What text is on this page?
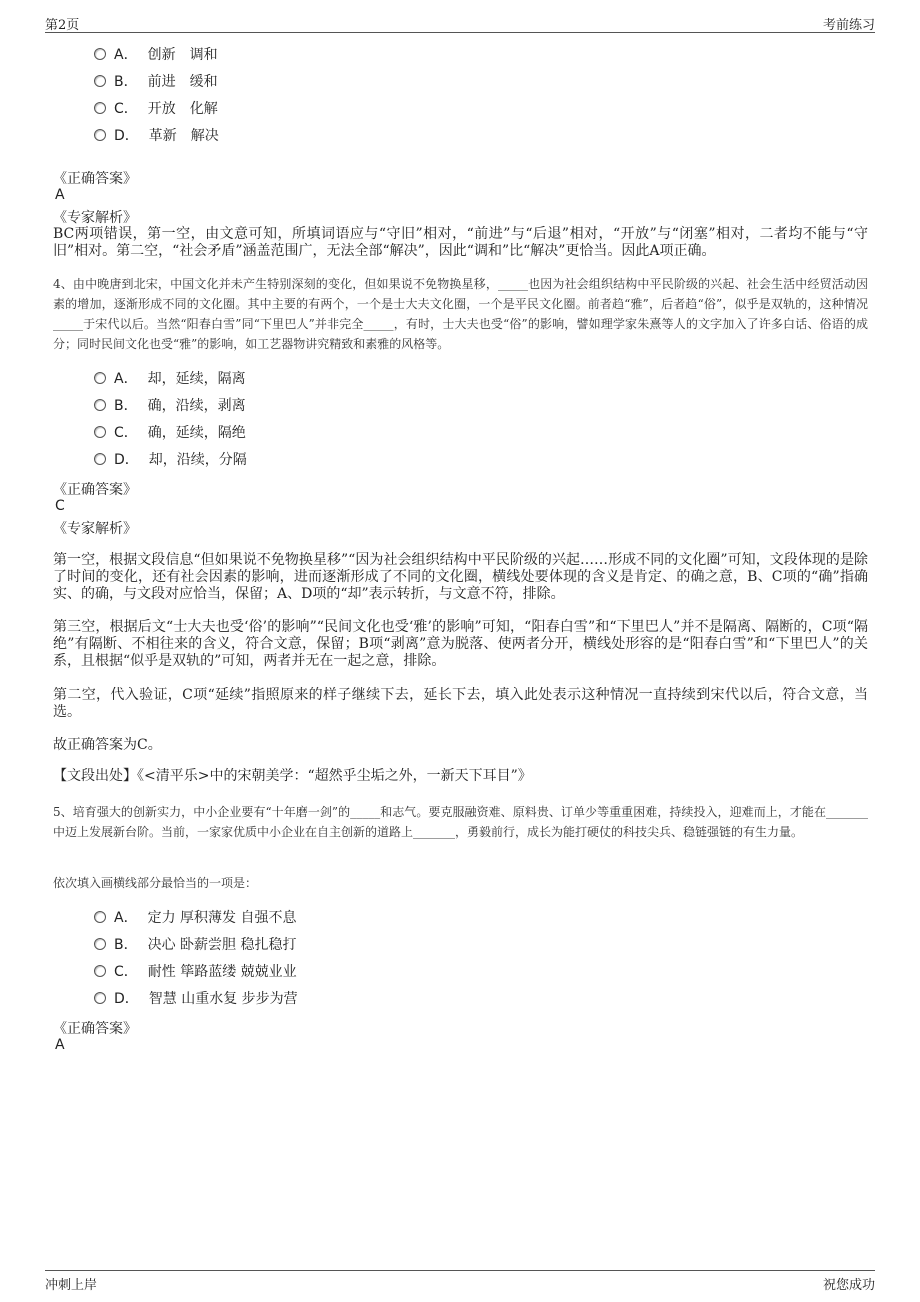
第2页	考前练习
A． 创新　调和
B． 前进　缓和
C． 开放　化解
D． 革新　解决
《正确答案》
A
《专家解析》
BC两项错误，第一空，由文意可知，所填词语应与“守旧”相对，“前进”与“后退”相对，“开放”与“闭塞”相对，二者均不能与“守旧”相对。第二空，“社会矛盾”涵盖范围广，无法全部“解决”，因此“调和”比“解决”更恰当。因此A项正确。
4、由中晚唐到北宋，中国文化并未产生特别深刻的变化，但如果说不免物换星移，_____也因为社会组织结构中平民阶级的兴起、社会生活中经贸活动因素的增加，逐渐形成不同的文化圈。其中主要的有两个，一个是士大夫文化圈，一个是平民文化圈。前者趋“雅”，后者趋“俗”，似乎是双轨的，这种情况_____于宋代以后。当然“阳春白雪”同“下里巴人”并非完全_____，有时，士大夫也受“俗”的影响，譬如理学家朱熹等人的文字加入了许多白话、俗语的成分；同时民间文化也受“雅”的影响，如工艺器物讲究精致和素雅的风格等。
A． 却，延续，隔离
B． 确，沿续，剥离
C． 确，延续，隔绝
D． 却，沿续，分隔
《正确答案》
C
《专家解析》
第一空，根据文段信息“但如果说不免物换星移”“因为社会组织结构中平民阶级的兴起……形成不同的文化圈”可知，文段体现的是除了时间的变化，还有社会因素的影响，进而逐渐形成了不同的文化圈，横线处要体现的含义是肯定、的确之意，B、C项的“确”指确实、的确，与文段对应恰当，保留；A、D项的“却”表示转折，与文意不符，排除。
第三空，根据后文“士大夫也受‘俗’的影响”“民间文化也受‘雅’的影响”可知，“阳春白雪”和“下里巴人”并不是隔离、隔断的，C项“隔绝”有隔断、不相往来的含义，符合文意，保留；B项“剥离”意为脱落、使两者分开，横线处形容的是“阳春白雪”和“下里巴人”的关系，且根据“似乎是双轨的”可知，两者并无在一起之意，排除。
第二空，代入验证，C项“延续”指照原来的样子继续下去，延长下去，填入此处表示这种情况一直持续到宋代以后，符合文意，当选。
故正确答案为C。
【文段出处】《<清平乐>中的宋朝美学：“超然乎尘垢之外，一新天下耳目”》
5、培育强大的创新实力，中小企业要有“十年磨一剑”的_____和志气。要克服融资难、原料贵、订单少等重重困难，持续投入，迎难而上，才能在_______中迈上发展新台阶。当前，一家家优质中小企业在自主创新的道路上_______，勇毅前行，成长为能打硬仗的科技尖兵、稳链强链的有生力量。
依次填入画横线部分最恰当的一项是：
A． 定力 厚积薄发 自强不息
B． 决心 卧薪尝胆 稳扎稳打
C． 耐性 筚路蓝缕 兢兢业业
D． 智慧 山重水复 步步为营
《正确答案》
A
冲刺上岸	祝您成功
